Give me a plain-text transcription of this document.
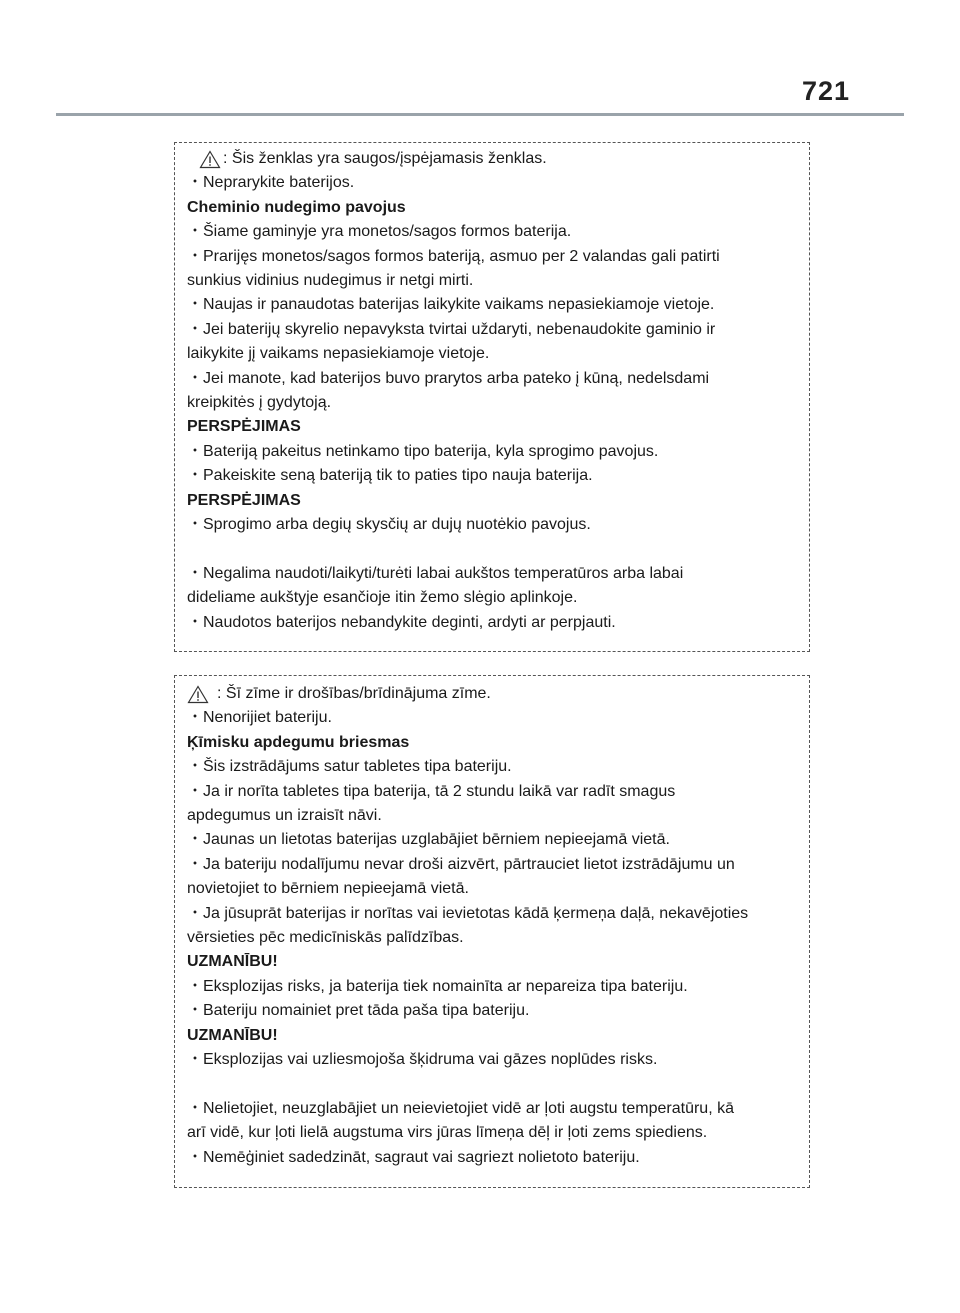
721
: Šis ženklas yra saugos/įspėjamasis ženklas.

・Neprarykite baterijos.

Cheminio nudegimo pavojus

・Šiame gaminyje yra monetos/sagos formos baterija.

・Prarijęs monetos/sagos formos bateriją, asmuo per 2 valandas gali patirti

sunkius vidinius nudegimus ir netgi mirti.

・Naujas ir panaudotas baterijas laikykite vaikams nepasiekiamoje vietoje.

・Jei baterijų skyrelio nepavyksta tvirtai uždaryti, nebenaudokite gaminio ir

laikykite jį vaikams nepasiekiamoje vietoje.

・Jei manote, kad baterijos buvo prarytos arba pateko į kūną, nedelsdami

kreipkitės į gydytoją.

PERSPĖJIMAS

・Bateriją pakeitus netinkamo tipo baterija, kyla sprogimo pavojus.

・Pakeiskite seną bateriją tik to paties tipo nauja baterija.

PERSPĖJIMAS

・Sprogimo arba degių skysčių ar dujų nuotėkio pavojus.

・Negalima naudoti/laikyti/turėti labai aukštos temperatūros arba labai

dideliame aukštyje esančioje itin žemo slėgio aplinkoje.

・Naudotos baterijos nebandykite deginti, ardyti ar perpjauti.

: Šī zīme ir drošības/brīdinājuma zīme.

・Nenorijiet bateriju.

Ķīmisku apdegumu briesmas

・Šis izstrādājums satur tabletes tipa bateriju.

・Ja ir norīta tabletes tipa baterija, tā 2 stundu laikā var radīt smagus

apdegumus un izraisīt nāvi.

・Jaunas un lietotas baterijas uzglabājiet bērniem nepieejamā vietā.

・Ja bateriju nodalījumu nevar droši aizvērt, pārtrauciet lietot izstrādājumu un

novietojiet to bērniem nepieejamā vietā.

・Ja jūsuprāt baterijas ir norītas vai ievietotas kādā ķermeņa daļā, nekavējoties

vērsieties pēc medicīniskās palīdzības.

UZMANĪBU!

・Eksplozijas risks, ja baterija tiek nomainīta ar nepareiza tipa bateriju.

・Bateriju nomainiet pret tāda paša tipa bateriju.

UZMANĪBU!

・Eksplozijas vai uzliesmojoša šķidruma vai gāzes noplūdes risks.

・Nelietojiet, neuzglabājiet un neievietojiet vidē ar ļoti augstu temperatūru, kā

arī vidē, kur ļoti lielā augstuma virs jūras līmeņa dēļ ir ļoti zems spiediens.

・Nemēģiniet sadedzināt, sagraut vai sagriezt nolietoto bateriju.
